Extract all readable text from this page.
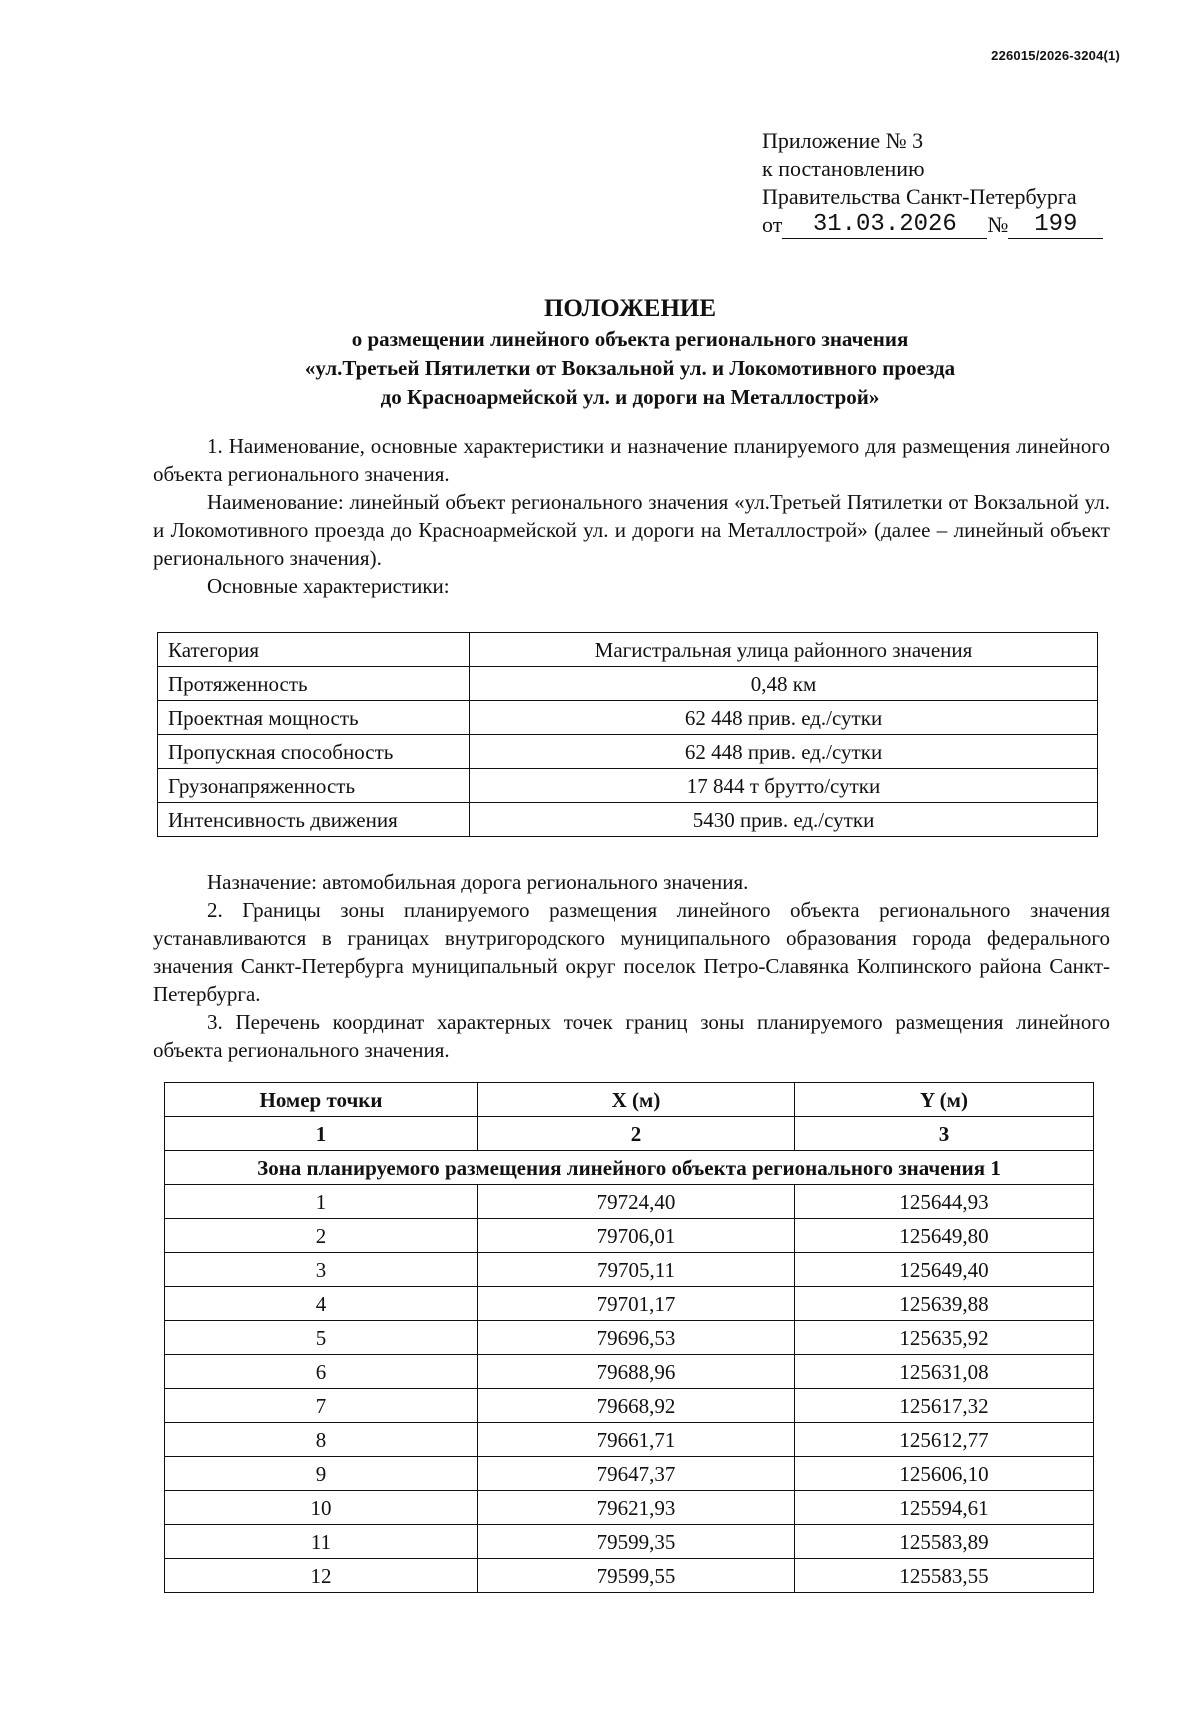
226015/2026-3204(1)
Приложение № 3
к постановлению
Правительства Санкт-Петербурга
от	31.03.2026	№	199
ПОЛОЖЕНИЕ
о размещении линейного объекта регионального значения
«ул.Третьей Пятилетки от Вокзальной ул. и Локомотивного проезда
до Красноармейской ул. и дороги на Металлострой»

1. Наименование, основные характеристики и назначение планируемого для размещения линейного объекта регионального значения.

Наименование: линейный объект регионального значения «ул.Третьей Пятилетки от Вокзальной ул. и Локомотивного проезда до Красноармейской ул. и дороги на Металлострой» (далее – линейный объект регионального значения).

Основные характеристики:

Категория	Магистральная улица районного значения
Протяженность	0,48 км
Проектная мощность	62 448 прив. ед./сутки
Пропускная способность	62 448 прив. ед./сутки
Грузонапряженность	17 844 т брутто/сутки
Интенсивность движения	5430 прив. ед./сутки

Назначение: автомобильная дорога регионального значения.

2. Границы зоны планируемого размещения линейного объекта регионального значения устанавливаются в границах внутригородского муниципального образования города федерального значения Санкт-Петербурга муниципальный округ поселок Петро-Славянка Колпинского района Санкт-Петербурга.

3. Перечень координат характерных точек границ зоны планируемого размещения линейного объекта регионального значения.

Номер точки	X (м)	Y (м)
1	2	3
Зона планируемого размещения линейного объекта регионального значения 1		
1	79724,40	125644,93
2	79706,01	125649,80
3	79705,11	125649,40
4	79701,17	125639,88
5	79696,53	125635,92
6	79688,96	125631,08
7	79668,92	125617,32
8	79661,71	125612,77
9	79647,37	125606,10
10	79621,93	125594,61
11	79599,35	125583,89
12	79599,55	125583,55
